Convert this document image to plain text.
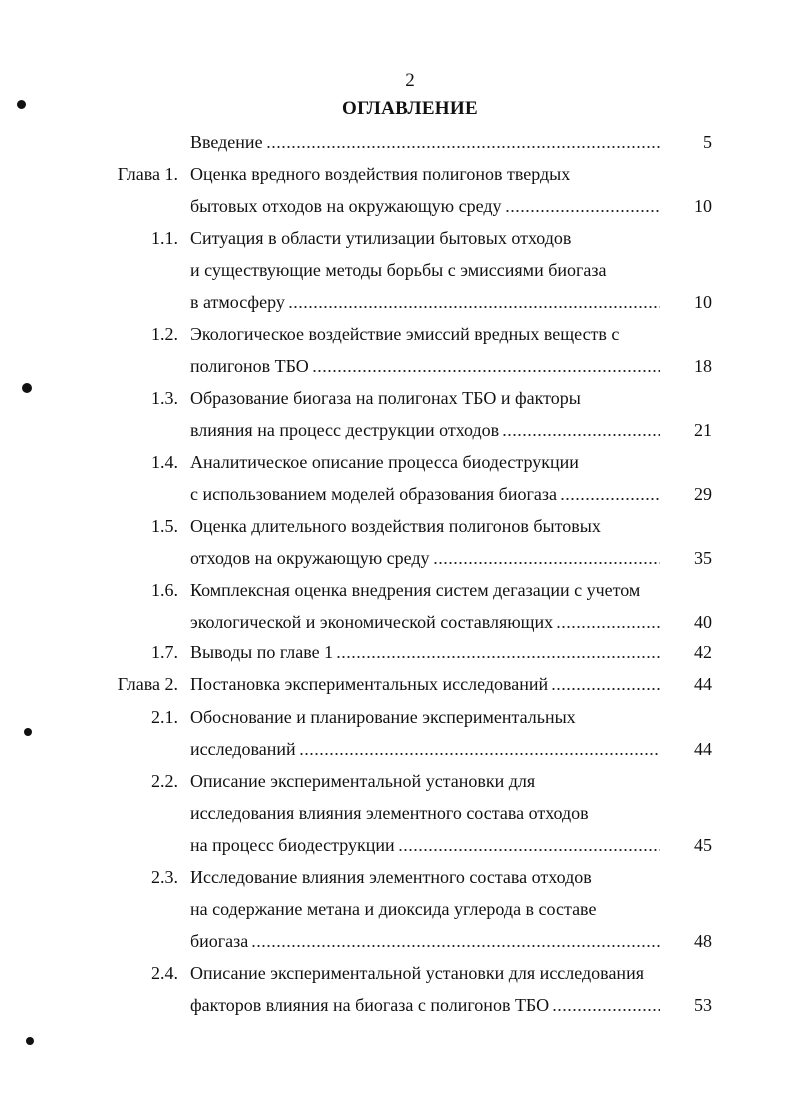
2
ОГЛАВЛЕНИЕ
Введение	5
Глава 1. Оценка вредного воздействия полигонов твердых
бытовых отходов на окружающую среду	10
1.1. Ситуация в области утилизации бытовых отходов
и существующие методы борьбы с эмиссиями биогаза
в атмосферу	10
1.2. Экологическое воздействие эмиссий вредных веществ с
полигонов ТБО	18
1.3. Образование биогаза на полигонах ТБО и факторы
влияния на процесс деструкции отходов	21
1.4. Аналитическое описание процесса биодеструкции
с использованием моделей образования биогаза	29
1.5. Оценка длительного воздействия полигонов бытовых
отходов на окружающую среду	35
1.6. Комплексная оценка внедрения систем дегазации с учетом
экологической и экономической составляющих	40
1.7. Выводы по главе 1	42
Глава 2. Постановка экспериментальных исследований	44
2.1. Обоснование и планирование экспериментальных
исследований	44
2.2. Описание экспериментальной установки для
исследования влияния элементного состава отходов
на процесс биодеструкции	45
2.3. Исследование влияния элементного состава отходов
на содержание метана и диоксида углерода в составе
биогаза	48
2.4. Описание экспериментальной установки для исследования
факторов влияния на биогаза с полигонов ТБО	53
